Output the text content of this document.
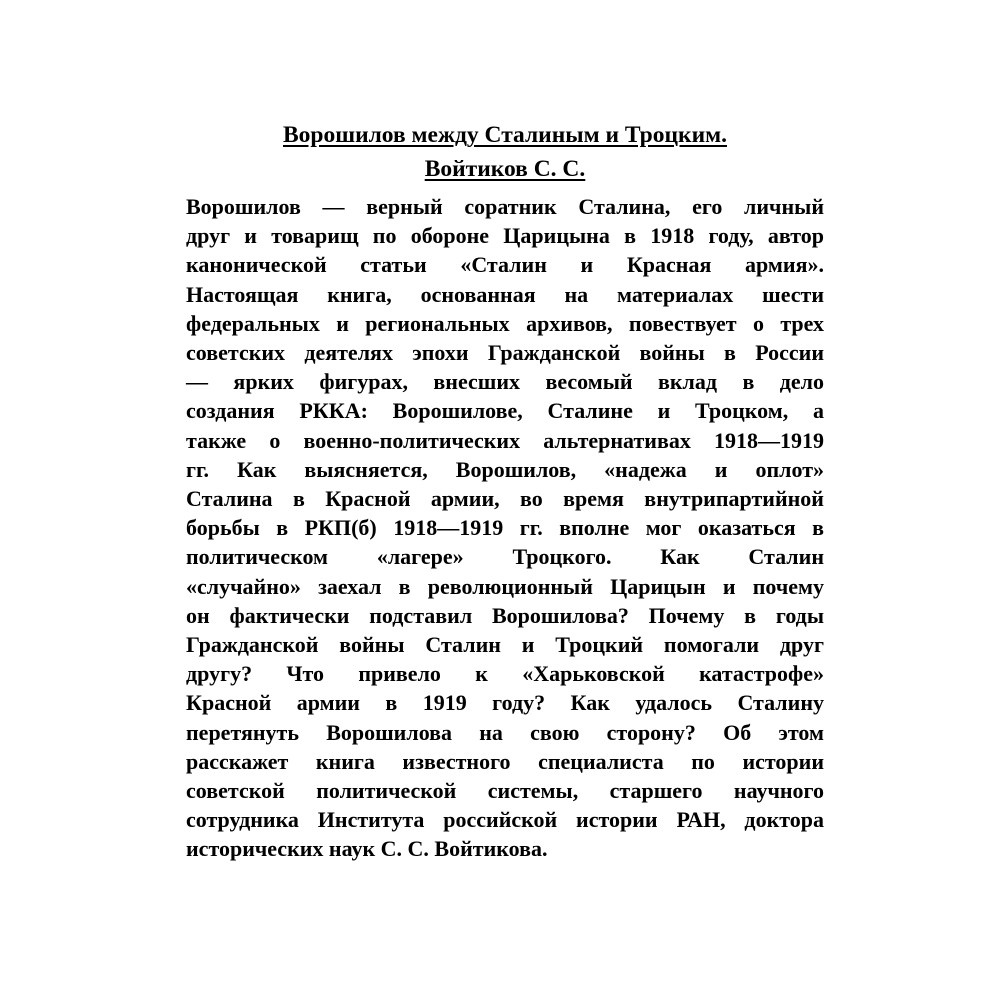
Ворошилов между Сталиным и Троцким.
Войтиков С. С.
Ворошилов — верный соратник Сталина, его личный
друг и товарищ по обороне Царицына в 1918 году, автор
канонической статьи «Сталин и Красная армия».
Настоящая книга, основанная на материалах шести
федеральных и региональных архивов, повествует о трех
советских деятелях эпохи Гражданской войны в России
— ярких фигурах, внесших весомый вклад в дело
создания РККА: Ворошилове, Сталине и Троцком, а
также о военно-политических альтернативах 1918—1919
гг. Как выясняется, Ворошилов, «надежа и оплот»
Сталина в Красной армии, во время внутрипартийной
борьбы в РКП(б) 1918—1919 гг. вполне мог оказаться в
политическом «лагере» Троцкого. Как Сталин
«случайно» заехал в революционный Царицын и почему
он фактически подставил Ворошилова? Почему в годы
Гражданской войны Сталин и Троцкий помогали друг
другу? Что привело к «Харьковской катастрофе»
Красной армии в 1919 году? Как удалось Сталину
перетянуть Ворошилова на свою сторону? Об этом
расскажет книга известного специалиста по истории
советской политической системы, старшего научного
сотрудника Института российской истории РАН, доктора
исторических наук С. С. Войтикова.
